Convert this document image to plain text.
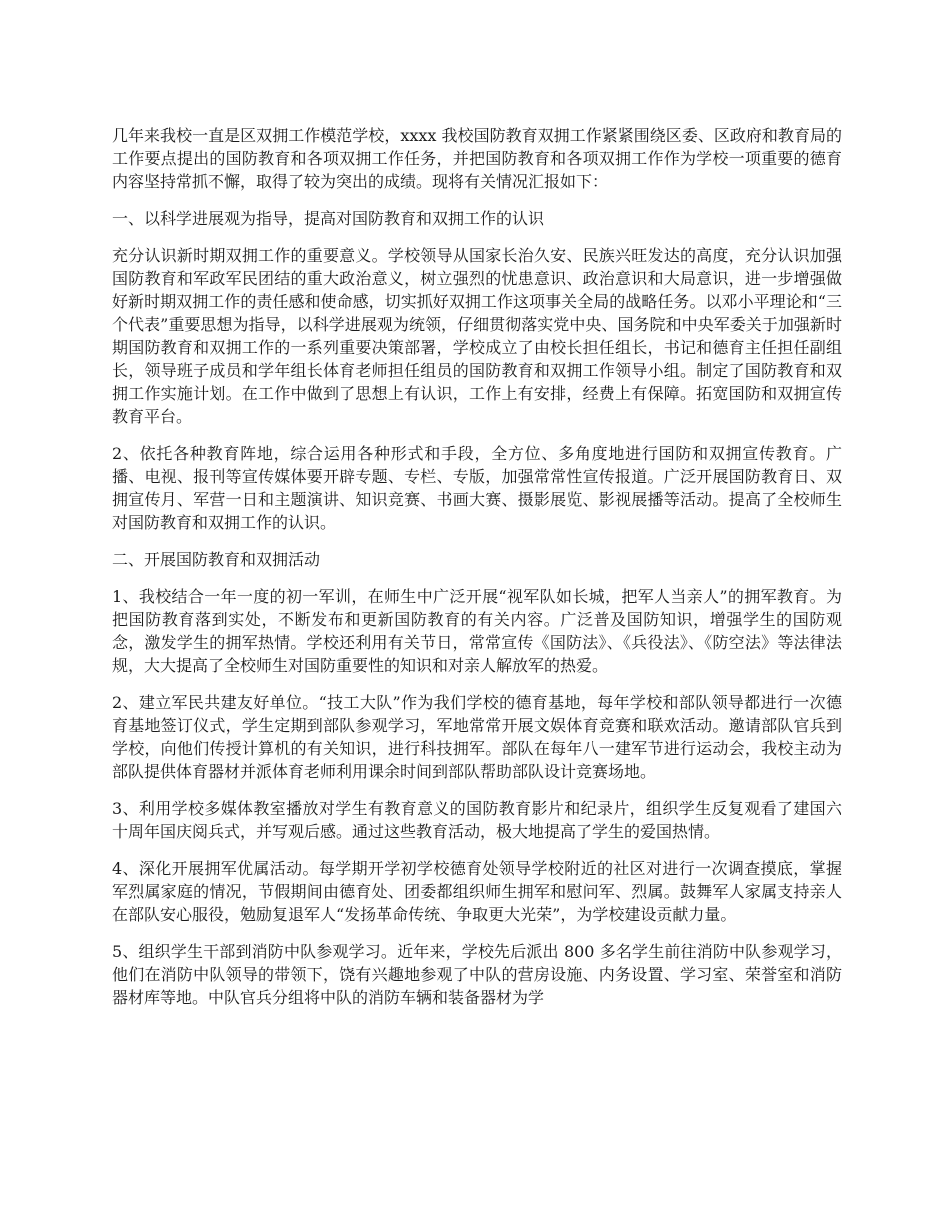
几年来我校一直是区双拥工作模范学校，xxxx 我校国防教育双拥工作紧紧围绕区委、区政府和教育局的工作要点提出的国防教育和各项双拥工作任务，并把国防教育和各项双拥工作作为学校一项重要的德育内容坚持常抓不懈，取得了较为突出的成绩。现将有关情况汇报如下：

一、以科学进展观为指导，提高对国防教育和双拥工作的认识

充分认识新时期双拥工作的重要意义。学校领导从国家长治久安、民族兴旺发达的高度，充分认识加强国防教育和军政军民团结的重大政治意义，树立强烈的忧患意识、政治意识和大局意识，进一步增强做好新时期双拥工作的责任感和使命感，切实抓好双拥工作这项事关全局的战略任务。以邓小平理论和“三个代表”重要思想为指导，以科学进展观为统领，仔细贯彻落实党中央、国务院和中央军委关于加强新时期国防教育和双拥工作的一系列重要决策部署，学校成立了由校长担任组长，书记和德育主任担任副组长，领导班子成员和学年组长体育老师担任组员的国防教育和双拥工作领导小组。制定了国防教育和双拥工作实施计划。在工作中做到了思想上有认识，工作上有安排，经费上有保障。拓宽国防和双拥宣传教育平台。

2、依托各种教育阵地，综合运用各种形式和手段，全方位、多角度地进行国防和双拥宣传教育。广播、电视、报刊等宣传媒体要开辟专题、专栏、专版，加强常常性宣传报道。广泛开展国防教育日、双拥宣传月、军营一日和主题演讲、知识竞赛、书画大赛、摄影展览、影视展播等活动。提高了全校师生对国防教育和双拥工作的认识。

二、开展国防教育和双拥活动

1、我校结合一年一度的初一军训，在师生中广泛开展“视军队如长城，把军人当亲人”的拥军教育。为把国防教育落到实处，不断发布和更新国防教育的有关内容。广泛普及国防知识，增强学生的国防观念，激发学生的拥军热情。学校还利用有关节日，常常宣传《国防法》、《兵役法》、《防空法》等法律法规，大大提高了全校师生对国防重要性的知识和对亲人解放军的热爱。

2、建立军民共建友好单位。“技工大队”作为我们学校的德育基地，每年学校和部队领导都进行一次德育基地签订仪式，学生定期到部队参观学习，军地常常开展文娱体育竞赛和联欢活动。邀请部队官兵到学校，向他们传授计算机的有关知识，进行科技拥军。部队在每年八一建军节进行运动会，我校主动为部队提供体育器材并派体育老师利用课余时间到部队帮助部队设计竞赛场地。

3、利用学校多媒体教室播放对学生有教育意义的国防教育影片和纪录片，组织学生反复观看了建国六十周年国庆阅兵式，并写观后感。通过这些教育活动，极大地提高了学生的爱国热情。

4、深化开展拥军优属活动。每学期开学初学校德育处领导学校附近的社区对进行一次调查摸底，掌握军烈属家庭的情况，节假期间由德育处、团委都组织师生拥军和慰问军、烈属。鼓舞军人家属支持亲人在部队安心服役，勉励复退军人“发扬革命传统、争取更大光荣”，为学校建设贡献力量。

5、组织学生干部到消防中队参观学习。近年来，学校先后派出 800 多名学生前往消防中队参观学习，他们在消防中队领导的带领下，饶有兴趣地参观了中队的营房设施、内务设置、学习室、荣誉室和消防器材库等地。中队官兵分组将中队的消防车辆和装备器材为学
